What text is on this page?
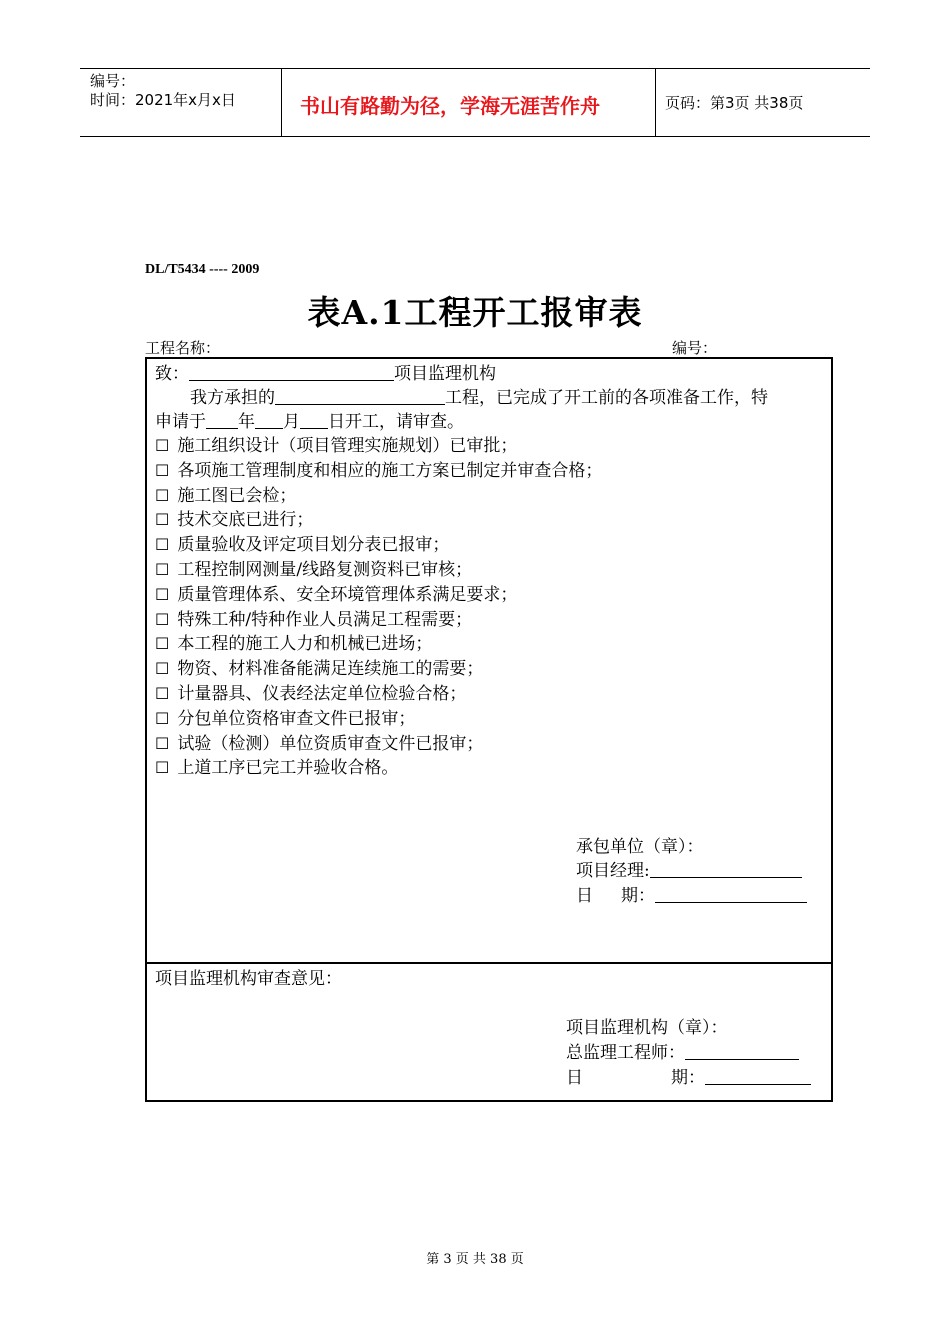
编号：
时间：2021年x月x日	书山有路勤为径，学海无涯苦作舟	页码：第3页 共38页
DL/T5434 ---- 2009
表A.1工程开工报审表
工程名称：	编号：
致：	项目监理机构
我方承担的	工程，已完成了开工前的各项准备工作，特
申请于 年 月 日开工，请审查。
☐ 施工组织设计（项目管理实施规划）已审批；
☐ 各项施工管理制度和相应的施工方案已制定并审查合格；
☐ 施工图已会检；
☐ 技术交底已进行；
☐ 质量验收及评定项目划分表已报审；
☐ 工程控制网测量/线路复测资料已审核；
☐ 质量管理体系、安全环境管理体系满足要求；
☐ 特殊工种/特种作业人员满足工程需要；
☐ 本工程的施工人力和机械已进场；
☐ 物资、材料准备能满足连续施工的需要；
☐ 计量器具、仪表经法定单位检验合格；
☐ 分包单位资格审查文件已报审；
☐ 试验（检测）单位资质审查文件已报审；
☐ 上道工序已完工并验收合格。
承包单位（章）：
项目经理:
日 期：
项目监理机构审查意见：
项目监理机构（章）：
总监理工程师：
日	期：
第 3 页 共 38 页
